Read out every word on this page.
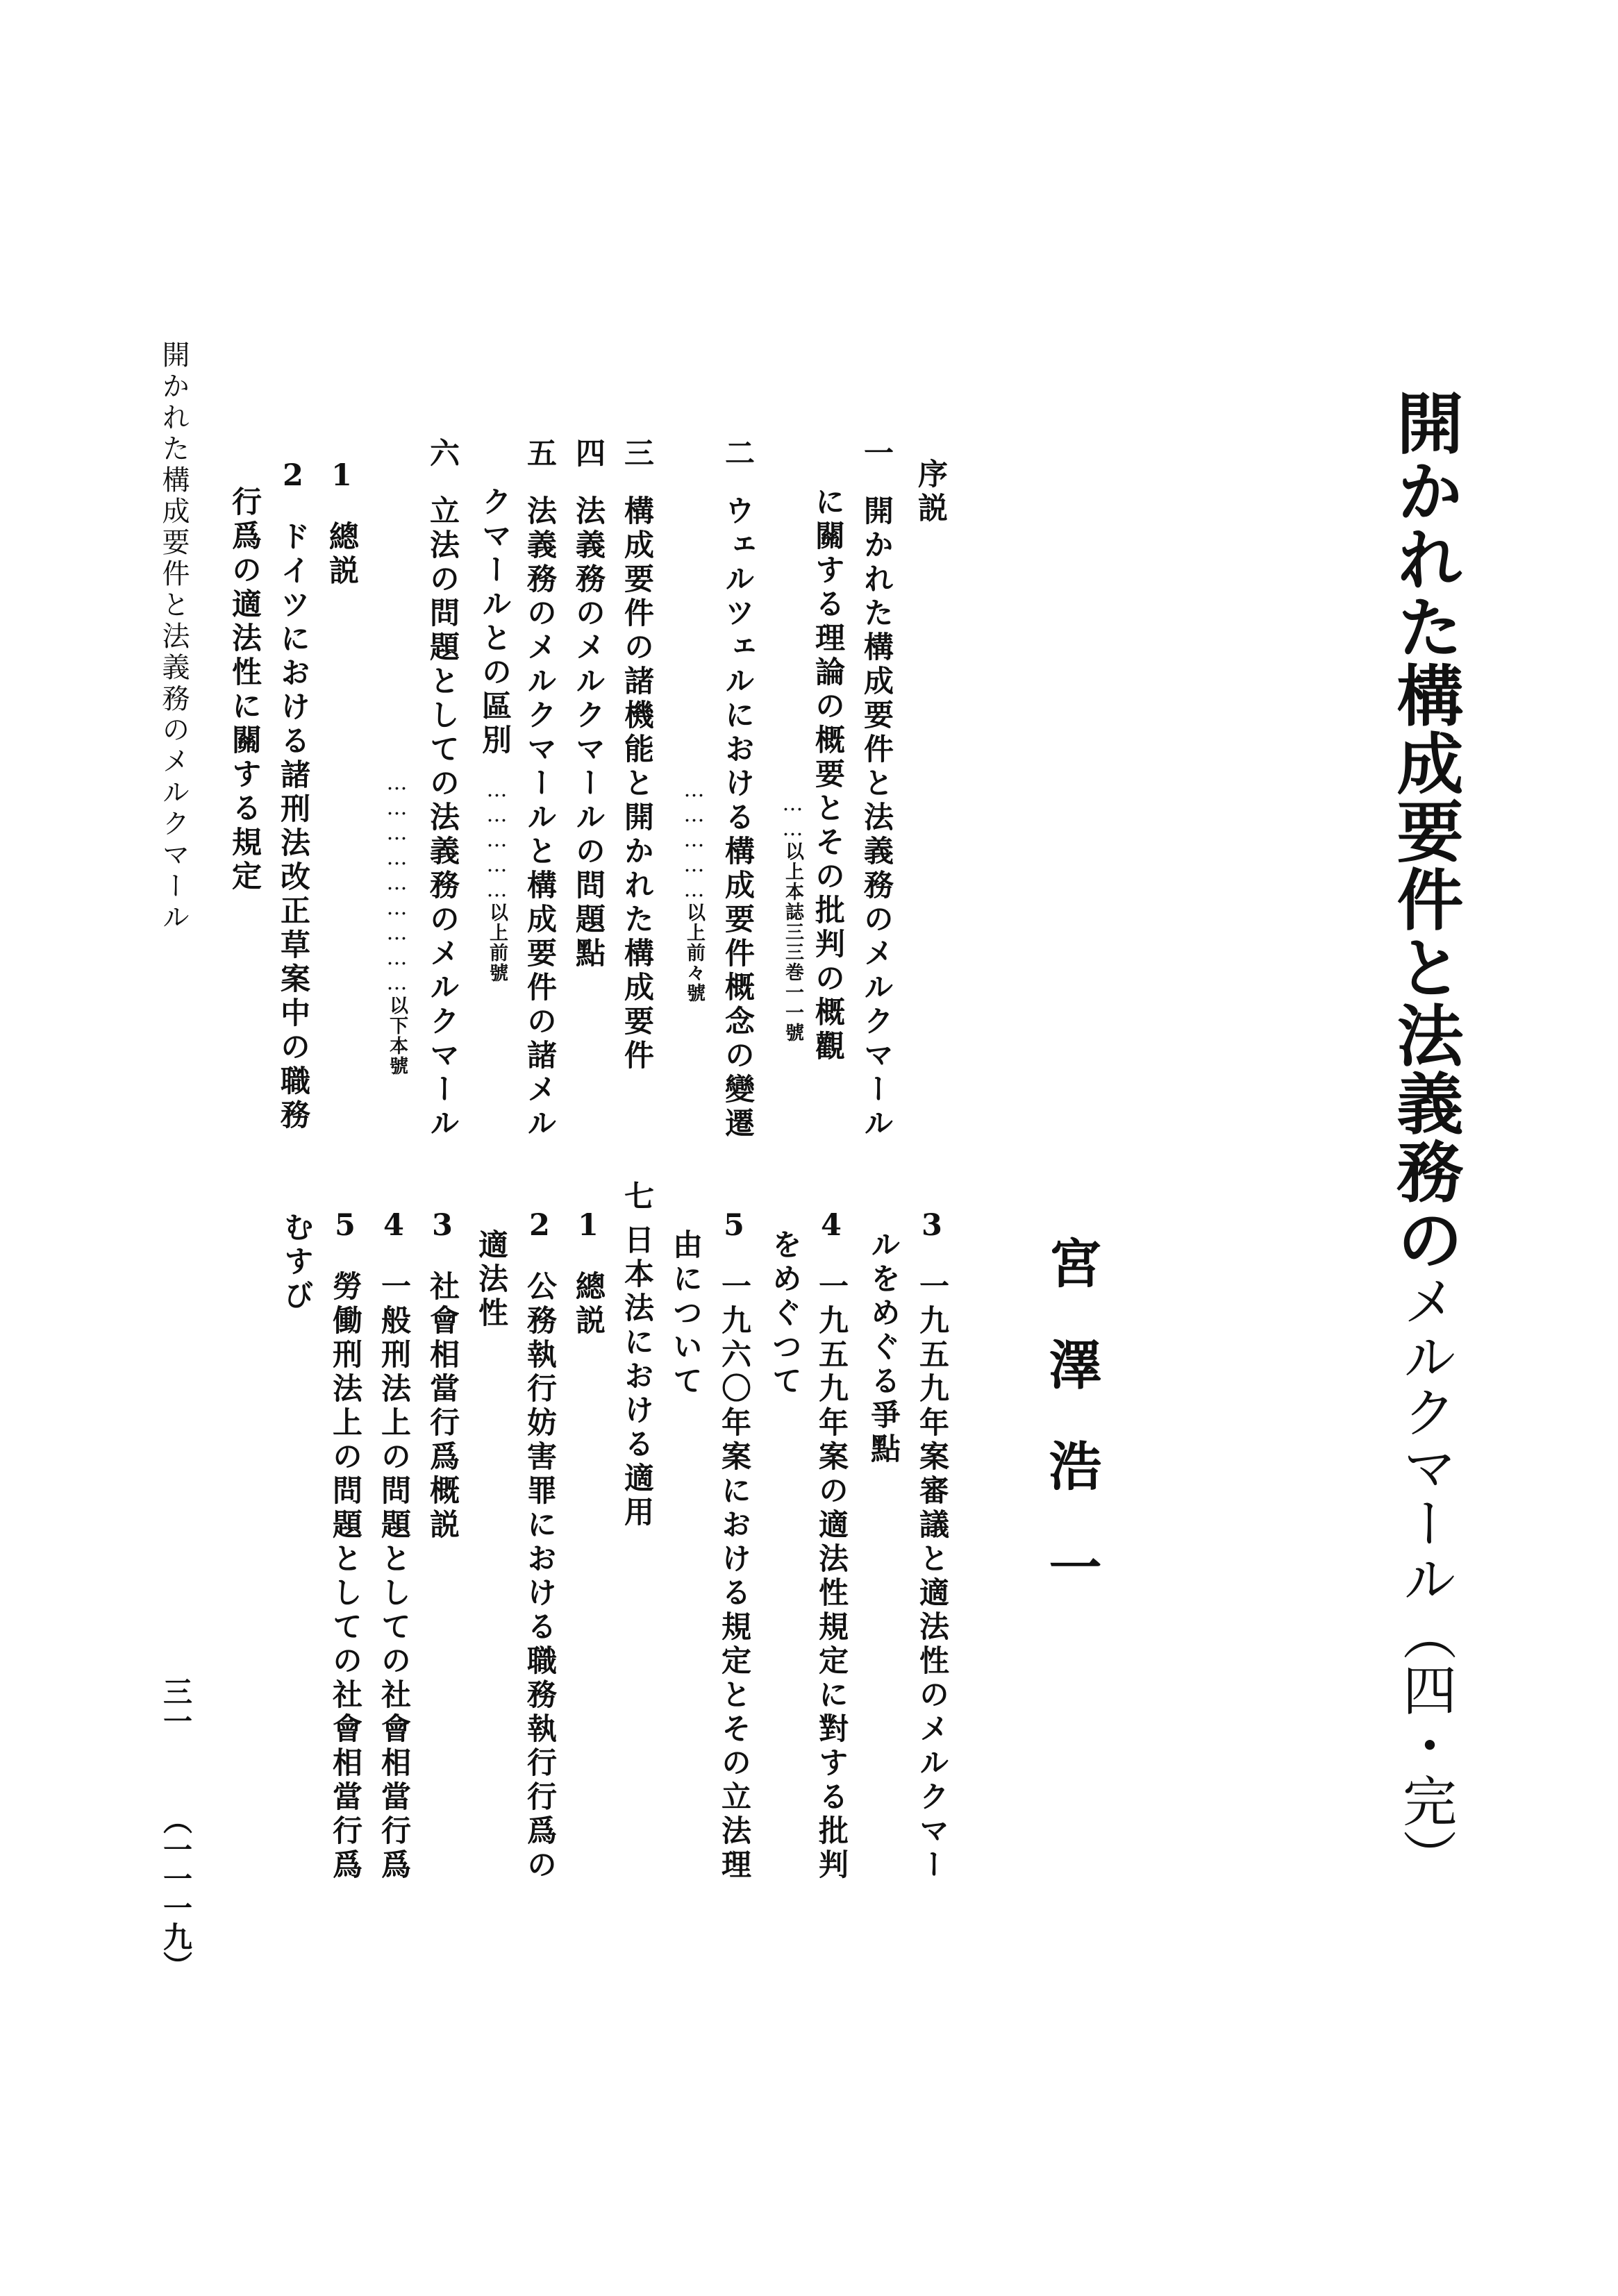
開かれた構成要件と法義務のメルクマール（四・完）
宮澤浩一
序説
一開かれた構成要件と法義務のメルクマール
に關する理論の概要とその批判の概觀
……以上本誌三三巻一一號
二ウェルツェルにおける構成要件概念の變遷
……………以上前々號
三構成要件の諸機能と開かれた構成要件
四法義務のメルクマールの問題點
五法義務のメルクマールと構成要件の諸メル
クマールとの區別
……………以上前號
六立法の問題としての法義務のメルクマール
………………………以下本號
1總説
2ドイツにおける諸刑法改正草案中の職務
行爲の適法性に關する規定
3一九五九年案審議と適法性のメルクマー
ルをめぐる爭點
4一九五九年案の適法性規定に對する批判
をめぐつて
5一九六〇年案における規定とその立法理
由について
七日本法における適用
1總説
2公務執行妨害罪における職務執行行爲の
適法性
3社會相當行爲概説
4一般刑法上の問題としての社會相當行爲
5勞働刑法上の問題としての社會相當行爲
むすび
開かれた構成要件と法義務のメルクマール
三一
（一一一九）
